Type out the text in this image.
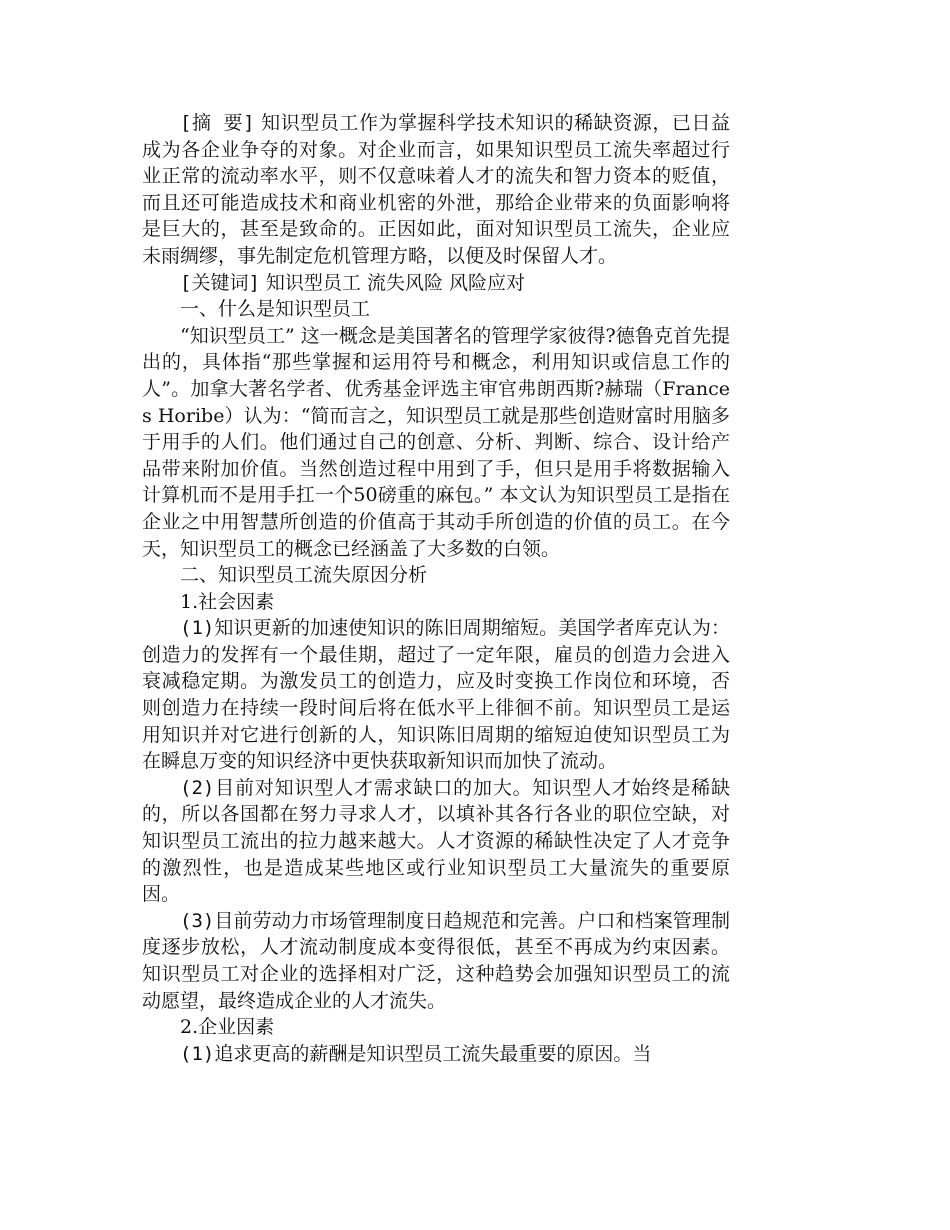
[摘 要] 知识型员工作为掌握科学技术知识的稀缺资源，已日益成为各企业争夺的对象。对企业而言，如果知识型员工流失率超过行业正常的流动率水平，则不仅意味着人才的流失和智力资本的贬值，而且还可能造成技术和商业机密的外泄，那给企业带来的负面影响将是巨大的，甚至是致命的。正因如此，面对知识型员工流失，企业应未雨绸缪，事先制定危机管理方略，以便及时保留人才。

[关键词] 知识型员工 流失风险 风险应对

一、什么是知识型员工

“知识型员工” 这一概念是美国著名的管理学家彼得?德鲁克首先提出的，具体指“那些掌握和运用符号和概念，利用知识或信息工作的人”。加拿大著名学者、优秀基金评选主审官弗朗西斯?赫瑞（Frances Horibe）认为：“简而言之，知识型员工就是那些创造财富时用脑多于用手的人们。他们通过自己的创意、分析、判断、综合、设计给产品带来附加价值。当然创造过程中用到了手，但只是用手将数据输入计算机而不是用手扛一个50磅重的麻包。” 本文认为知识型员工是指在企业之中用智慧所创造的价值高于其动手所创造的价值的员工。在今天，知识型员工的概念已经涵盖了大多数的白领。

二、知识型员工流失原因分析

1.社会因素

(1)知识更新的加速使知识的陈旧周期缩短。美国学者库克认为：创造力的发挥有一个最佳期，超过了一定年限，雇员的创造力会进入衰减稳定期。为激发员工的创造力，应及时变换工作岗位和环境，否则创造力在持续一段时间后将在低水平上徘徊不前。知识型员工是运用知识并对它进行创新的人，知识陈旧周期的缩短迫使知识型员工为在瞬息万变的知识经济中更快获取新知识而加快了流动。

(2)目前对知识型人才需求缺口的加大。知识型人才始终是稀缺的，所以各国都在努力寻求人才，以填补其各行各业的职位空缺，对知识型员工流出的拉力越来越大。人才资源的稀缺性决定了人才竞争的激烈性，也是造成某些地区或行业知识型员工大量流失的重要原因。

(3)目前劳动力市场管理制度日趋规范和完善。户口和档案管理制度逐步放松，人才流动制度成本变得很低，甚至不再成为约束因素。知识型员工对企业的选择相对广泛，这种趋势会加强知识型员工的流动愿望，最终造成企业的人才流失。

2.企业因素

(1)追求更高的薪酬是知识型员工流失最重要的原因。当
